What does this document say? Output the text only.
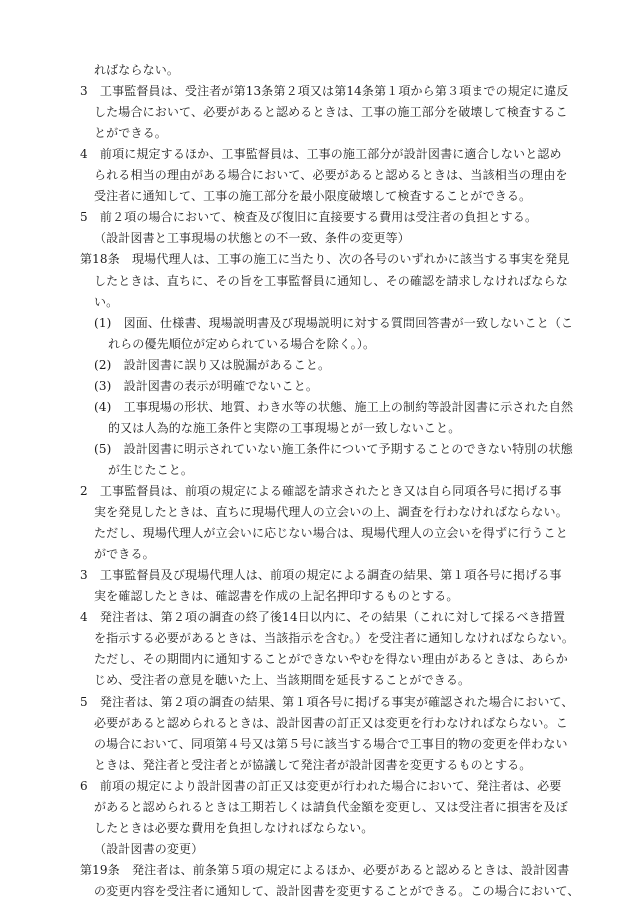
ればならない。
3　工事監督員は、受注者が第13条第２項又は第14条第１項から第３項までの規定に違反
した場合において、必要があると認めるときは、工事の施工部分を破壊して検査するこ
とができる。
4　前項に規定するほか、工事監督員は、工事の施工部分が設計図書に適合しないと認め
られる相当の理由がある場合において、必要があると認めるときは、当該相当の理由を
受注者に通知して、工事の施工部分を最小限度破壊して検査することができる。
5　前２項の場合において、検査及び復旧に直接要する費用は受注者の負担とする。
（設計図書と工事現場の状態との不一致、条件の変更等）
第18条　現場代理人は、工事の施工に当たり、次の各号のいずれかに該当する事実を発見
したときは、直ちに、その旨を工事監督員に通知し、その確認を請求しなければならな
い。
(1)　図面、仕様書、現場説明書及び現場説明に対する質問回答書が一致しないこと（こ
れらの優先順位が定められている場合を除く。）。
(2)　設計図書に誤り又は脱漏があること。
(3)　設計図書の表示が明確でないこと。
(4)　工事現場の形状、地質、わき水等の状態、施工上の制約等設計図書に示された自然
的又は人為的な施工条件と実際の工事現場とが一致しないこと。
(5)　設計図書に明示されていない施工条件について予期することのできない特別の状態
が生じたこと。
2　工事監督員は、前項の規定による確認を請求されたとき又は自ら同項各号に掲げる事
実を発見したときは、直ちに現場代理人の立会いの上、調査を行わなければならない。
ただし、現場代理人が立会いに応じない場合は、現場代理人の立会いを得ずに行うこと
ができる。
3　工事監督員及び現場代理人は、前項の規定による調査の結果、第１項各号に掲げる事
実を確認したときは、確認書を作成の上記名押印するものとする。
4　発注者は、第２項の調査の終了後14日以内に、その結果（これに対して採るべき措置
を指示する必要があるときは、当該指示を含む。）を受注者に通知しなければならない。
ただし、その期間内に通知することができないやむを得ない理由があるときは、あらか
じめ、受注者の意見を聴いた上、当該期間を延長することができる。
5　発注者は、第２項の調査の結果、第１項各号に掲げる事実が確認された場合において、
必要があると認められるときは、設計図書の訂正又は変更を行わなければならない。こ
の場合において、同項第４号又は第５号に該当する場合で工事目的物の変更を伴わない
ときは、発注者と受注者とが協議して発注者が設計図書を変更するものとする。
6　前項の規定により設計図書の訂正又は変更が行われた場合において、発注者は、必要
があると認められるときは工期若しくは請負代金額を変更し、又は受注者に損害を及ぼ
したときは必要な費用を負担しなければならない。
（設計図書の変更）
第19条　発注者は、前条第５項の規定によるほか、必要があると認めるときは、設計図書
の変更内容を受注者に通知して、設計図書を変更することができる。この場合において、
